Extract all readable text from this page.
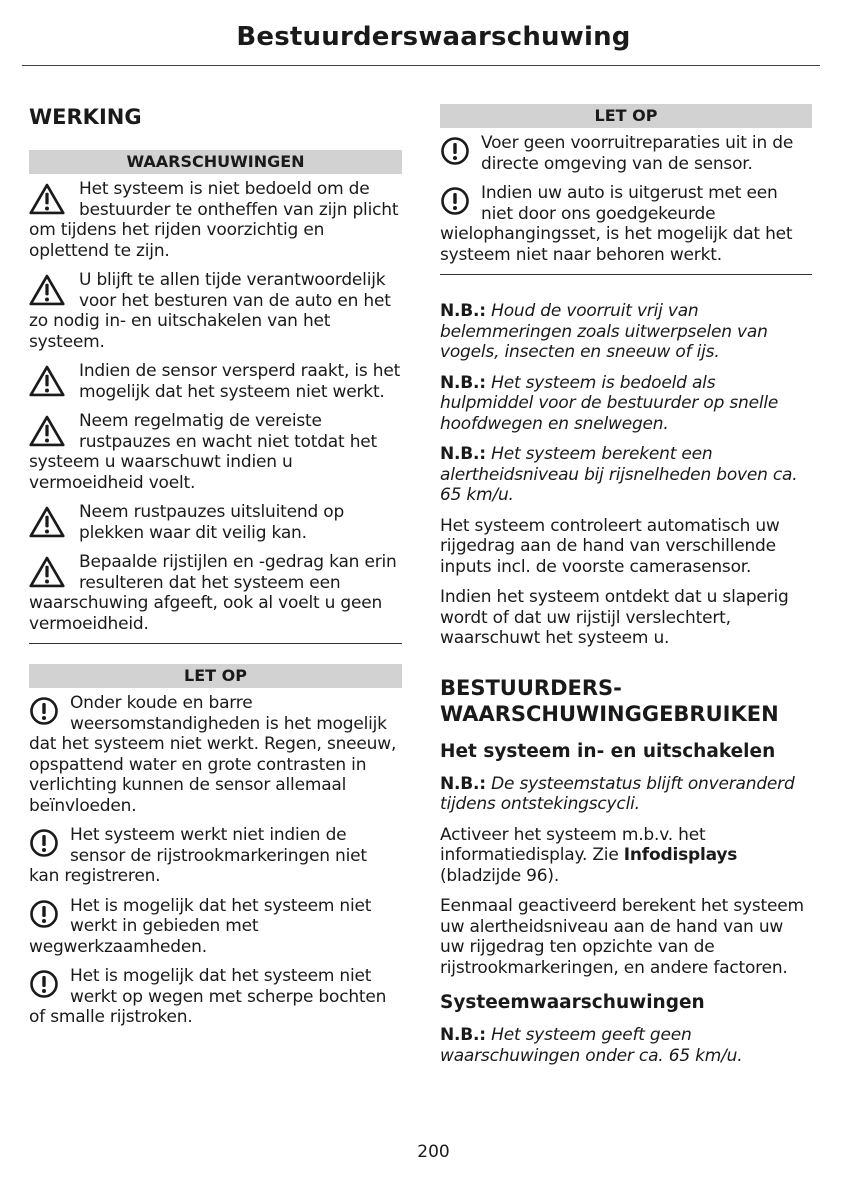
Bestuurderswaarschuwing
WERKING
WAARSCHUWINGEN
Het systeem is niet bedoeld om de bestuurder te ontheffen van zijn plicht om tijdens het rijden voorzichtig en oplettend te zijn.
U blijft te allen tijde verantwoordelijk voor het besturen van de auto en het zo nodig in- en uitschakelen van het systeem.
Indien de sensor versperd raakt, is het mogelijk dat het systeem niet werkt.
Neem regelmatig de vereiste rustpauzes en wacht niet totdat het systeem u waarschuwt indien u vermoeidheid voelt.
Neem rustpauzes uitsluitend op plekken waar dit veilig kan.
Bepaalde rijstijlen en -gedrag kan erin resulteren dat het systeem een waarschuwing afgeeft, ook al voelt u geen vermoeidheid.
LET OP
Onder koude en barre weersomstandigheden is het mogelijk dat het systeem niet werkt. Regen, sneeuw, opspattend water en grote contrasten in verlichting kunnen de sensor allemaal beïnvloeden.
Het systeem werkt niet indien de sensor de rijstrookmarkeringen niet kan registreren.
Het is mogelijk dat het systeem niet werkt in gebieden met wegwerkzaamheden.
Het is mogelijk dat het systeem niet werkt op wegen met scherpe bochten of smalle rijstroken.
LET OP
Voer geen voorruitreparaties uit in de directe omgeving van de sensor.
Indien uw auto is uitgerust met een niet door ons goedgekeurde wielophangingsset, is het mogelijk dat het systeem niet naar behoren werkt.
N.B.: Houd de voorruit vrij van belemmeringen zoals uitwerpselen van vogels, insecten en sneeuw of ijs.
N.B.: Het systeem is bedoeld als hulpmiddel voor de bestuurder op snelle hoofdwegen en snelwegen.
N.B.: Het systeem berekent een alertheidsniveau bij rijsnelheden boven ca. 65 km/u.
Het systeem controleert automatisch uw rijgedrag aan de hand van verschillende inputs incl. de voorste camerasensor.
Indien het systeem ontdekt dat u slaperig wordt of dat uw rijstijl verslechtert, waarschuwt het systeem u.
BESTUURDERS-
WAARSCHUWINGGEBRUIKEN
Het systeem in- en uitschakelen
N.B.: De systeemstatus blijft onveranderd tijdens ontstekingscycli.
Activeer het systeem m.b.v. het informatiedisplay. Zie Infodisplays (bladzijde 96).
Eenmaal geactiveerd berekent het systeem uw alertheidsniveau aan de hand van uw uw rijgedrag ten opzichte van de rijstrookmarkeringen, en andere factoren.
Systeemwaarschuwingen
N.B.: Het systeem geeft geen waarschuwingen onder ca. 65 km/u.
200
